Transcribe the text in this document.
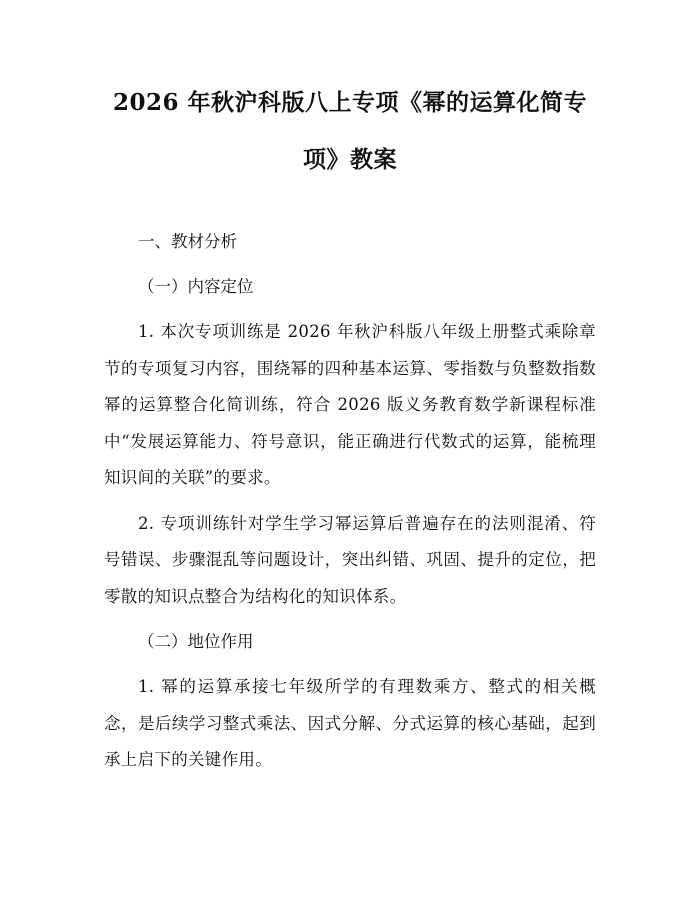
2026 年秋沪科版八上专项《幂的运算化简专
项》教案

一、教材分析

（一）内容定位

1. 本次专项训练是 2026 年秋沪科版八年级上册整式乘除章节的专项复习内容，围绕幂的四种基本运算、零指数与负整数指数幂的运算整合化简训练，符合 2026 版义务教育数学新课程标准中“发展运算能力、符号意识，能正确进行代数式的运算，能梳理知识间的关联”的要求。

2. 专项训练针对学生学习幂运算后普遍存在的法则混淆、符号错误、步骤混乱等问题设计，突出纠错、巩固、提升的定位，把零散的知识点整合为结构化的知识体系。

（二）地位作用

1. 幂的运算承接七年级所学的有理数乘方、整式的相关概念，是后续学习整式乘法、因式分解、分式运算的核心基础，起到承上启下的关键作用。
